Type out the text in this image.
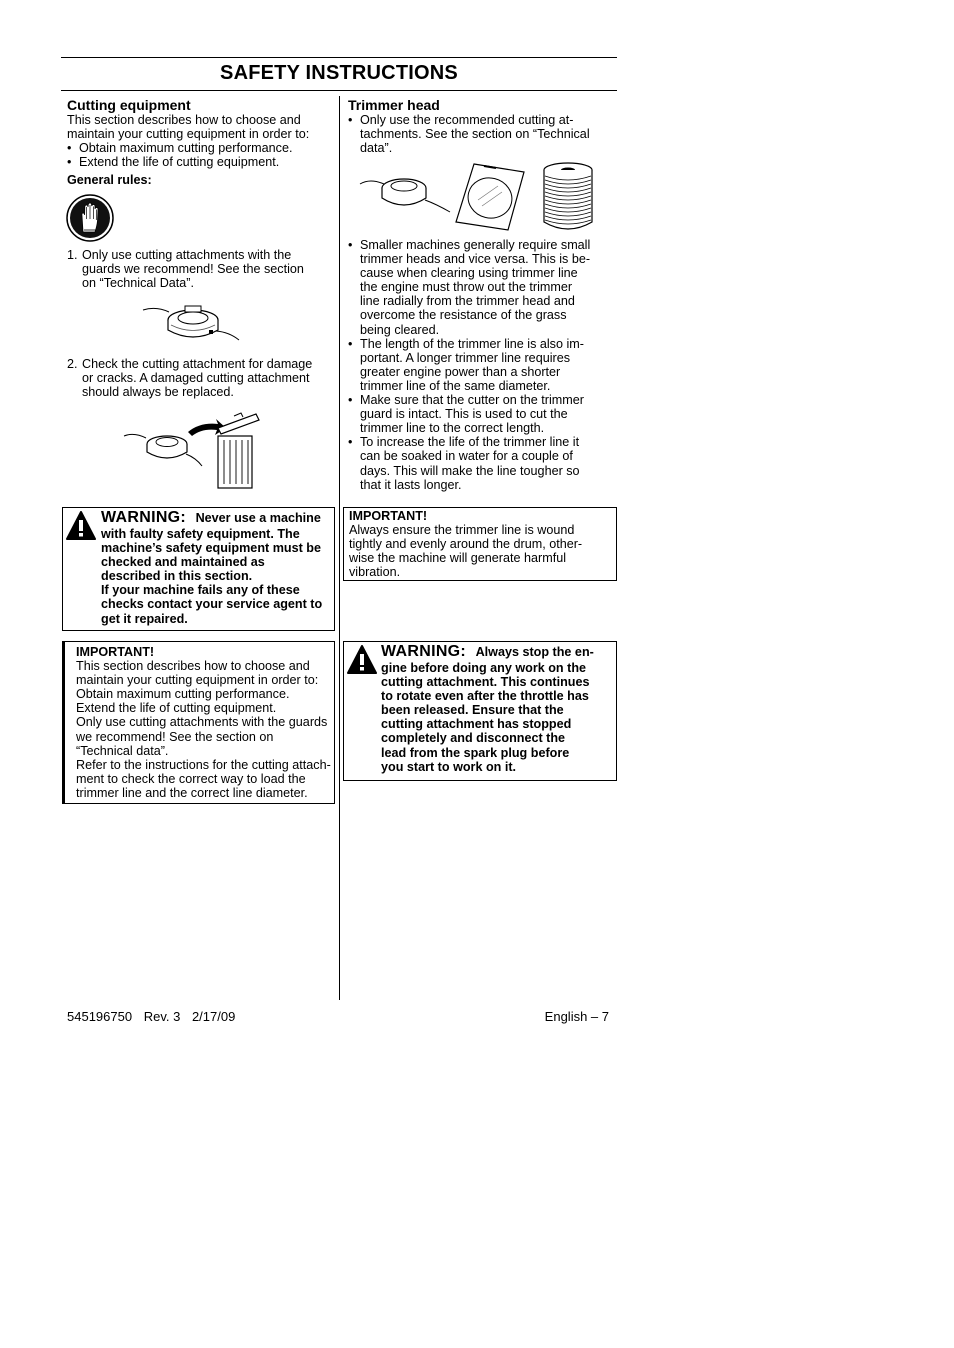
SAFETY INSTRUCTIONS
Cutting equipment
This section describes how to choose and
maintain your cutting equipment in order to:
• Obtain maximum cutting performance.
• Extend the life of cutting equipment.
General rules:
1. Only use cutting attachments with the
guards we recommend! See the section
on “Technical Data”.
2. Check the cutting attachment for damage
or cracks. A damaged cutting attachment
should always be replaced.
WARNING: Never use a machine
with faulty safety equipment. The
machine’s safety equipment must be
checked and maintained as
described in this section.
If your machine fails any of these
checks contact your service agent to
get it repaired.
IMPORTANT!
This section describes how to choose and
maintain your cutting equipment in order to:
Obtain maximum cutting performance.
Extend the life of cutting equipment.
Only use cutting attachments with the guards
we recommend! See the section on
“Technical data”.
Refer to the instructions for the cutting attach-
ment to check the correct way to load the
trimmer line and the correct line diameter.
Trimmer head
• Only use the recommended cutting at-
tachments. See the section on “Technical
data”.
• Smaller machines generally require small
trimmer heads and vice versa. This is be-
cause when clearing using trimmer line
the engine must throw out the trimmer
line radially from the trimmer head and
overcome the resistance of the grass
being cleared.
• The length of the trimmer line is also im-
portant. A longer trimmer line requires
greater engine power than a shorter
trimmer line of the same diameter.
• Make sure that the cutter on the trimmer
guard is intact. This is used to cut the
trimmer line to the correct length.
• To increase the life of the trimmer line it
can be soaked in water for a couple of
days. This will make the line tougher so
that it lasts longer.
IMPORTANT!
Always ensure the trimmer line is wound
tightly and evenly around the drum, other-
wise the machine will generate harmful
vibration.
WARNING: Always stop the en-
gine before doing any work on the
cutting attachment. This continues
to rotate even after the throttle has
been released. Ensure that the
cutting attachment has stopped
completely and disconnect the
lead from the spark plug before
you start to work on it.
545196750 Rev. 3 2/17/09	English – 7
